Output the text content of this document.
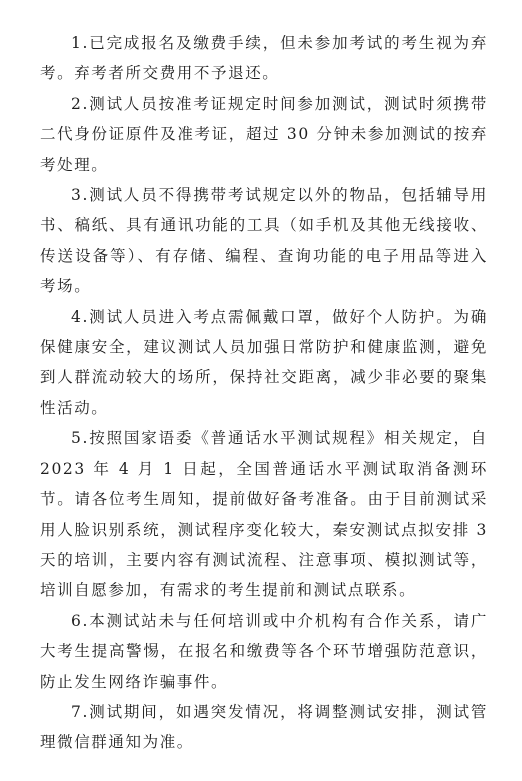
1.已完成报名及缴费手续，但未参加考试的考生视为弃考。弃考者所交费用不予退还。

2.测试人员按准考证规定时间参加测试，测试时须携带二代身份证原件及准考证，超过 30 分钟未参加测试的按弃考处理。

3.测试人员不得携带考试规定以外的物品，包括辅导用书、稿纸、具有通讯功能的工具（如手机及其他无线接收、传送设备等）、有存储、编程、查询功能的电子用品等进入考场。

4.测试人员进入考点需佩戴口罩，做好个人防护。为确保健康安全，建议测试人员加强日常防护和健康监测，避免到人群流动较大的场所，保持社交距离，减少非必要的聚集性活动。

5.按照国家语委《普通话水平测试规程》相关规定，自 2023 年 4 月 1 日起，全国普通话水平测试取消备测环节。请各位考生周知，提前做好备考准备。由于目前测试采用人脸识别系统，测试程序变化较大，秦安测试点拟安排 3 天的培训，主要内容有测试流程、注意事项、模拟测试等，培训自愿参加，有需求的考生提前和测试点联系。

6.本测试站未与任何培训或中介机构有合作关系，请广大考生提高警惕，在报名和缴费等各个环节增强防范意识，防止发生网络诈骗事件。

7.测试期间，如遇突发情况，将调整测试安排，测试管理微信群通知为准。
